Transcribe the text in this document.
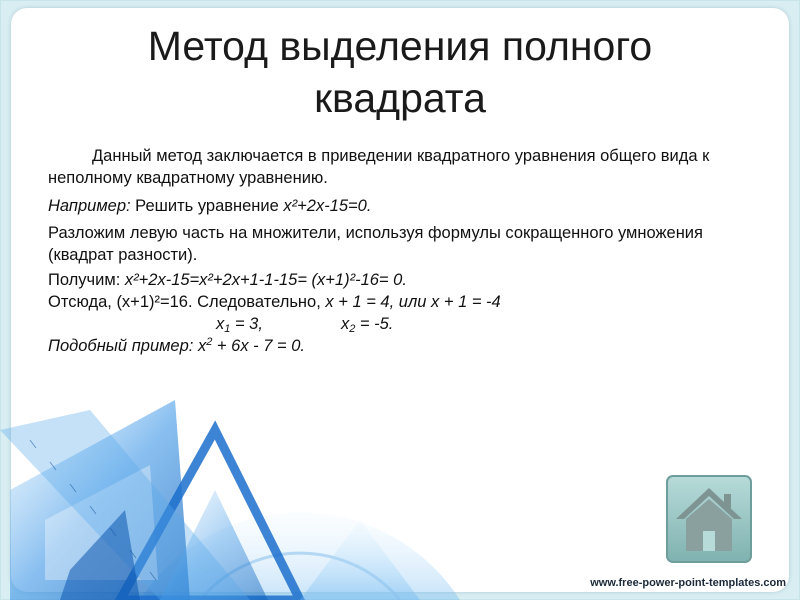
Метод выделения полного
квадрата

Данный метод заключается в приведении квадратного уравнения общего вида к неполному квадратному уравнению.

Например: Решить уравнение x²+2x-15=0.

Разложим левую часть на множители, используя формулы сокращенного умножения (квадрат разности).

Получим: x²+2x-15=x²+2x+1-1-15= (x+1)²-16= 0.

Отсюда, (x+1)²=16. Следовательно, x + 1 = 4, или x + 1 = -4

$x_1 = 3$,	$x_2 = -5$.

Подобный пример: $x^2 + 6x - 7 = 0$.

www.free-power-point-templates.com
